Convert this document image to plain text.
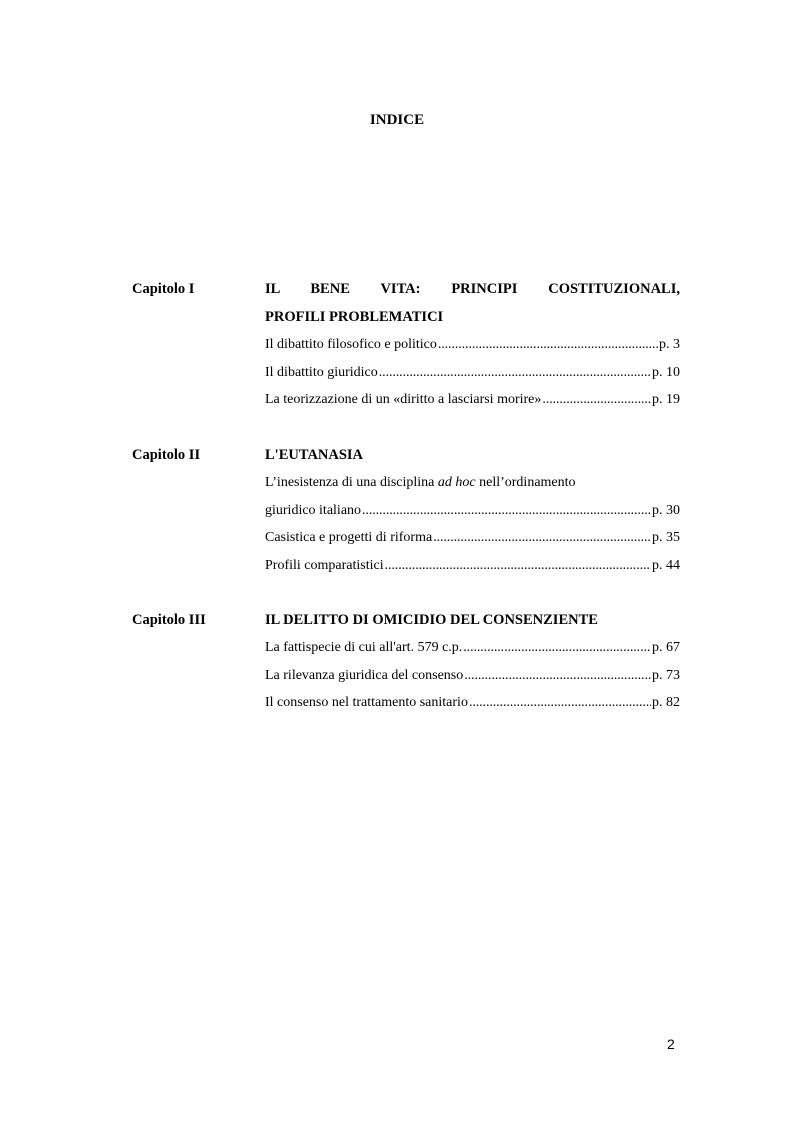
INDICE
Capitolo I	IL BENE VITA: PRINCIPI COSTITUZIONALI,
PROFILI PROBLEMATICI
Il dibattito filosofico e politico . . .	p. 3
Il dibattito giuridico . . .	p. 10
La teorizzazione di un «diritto a lasciarsi morire» . . .	p. 19
Capitolo II	L'EUTANASIA
L’inesistenza di una disciplina ad hoc nell’ordinamento
giuridico italiano . . .	p. 30
Casistica e progetti di riforma . . .	p. 35
Profili comparatistici . . .	p. 44
Capitolo III	IL DELITTO DI OMICIDIO DEL CONSENZIENTE
La fattispecie di cui all'art. 579 c.p. . . .	p. 67
La rilevanza giuridica del consenso . . .	p. 73
Il consenso nel trattamento sanitario . . .	p. 82
2
